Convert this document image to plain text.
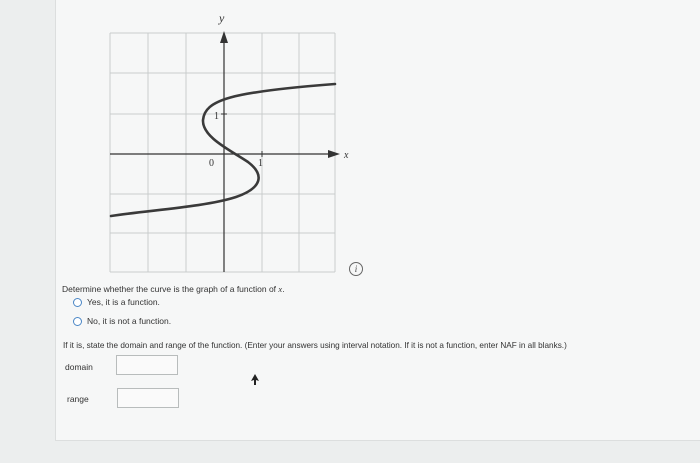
y
x
0	1
1
i
Determine whether the curve is the graph of a function of x.
Yes, it is a function.
No, it is not a function.
If it is, state the domain and range of the function. (Enter your answers using interval notation. If it is not a function, enter NAF in all blanks.)
domain
range
